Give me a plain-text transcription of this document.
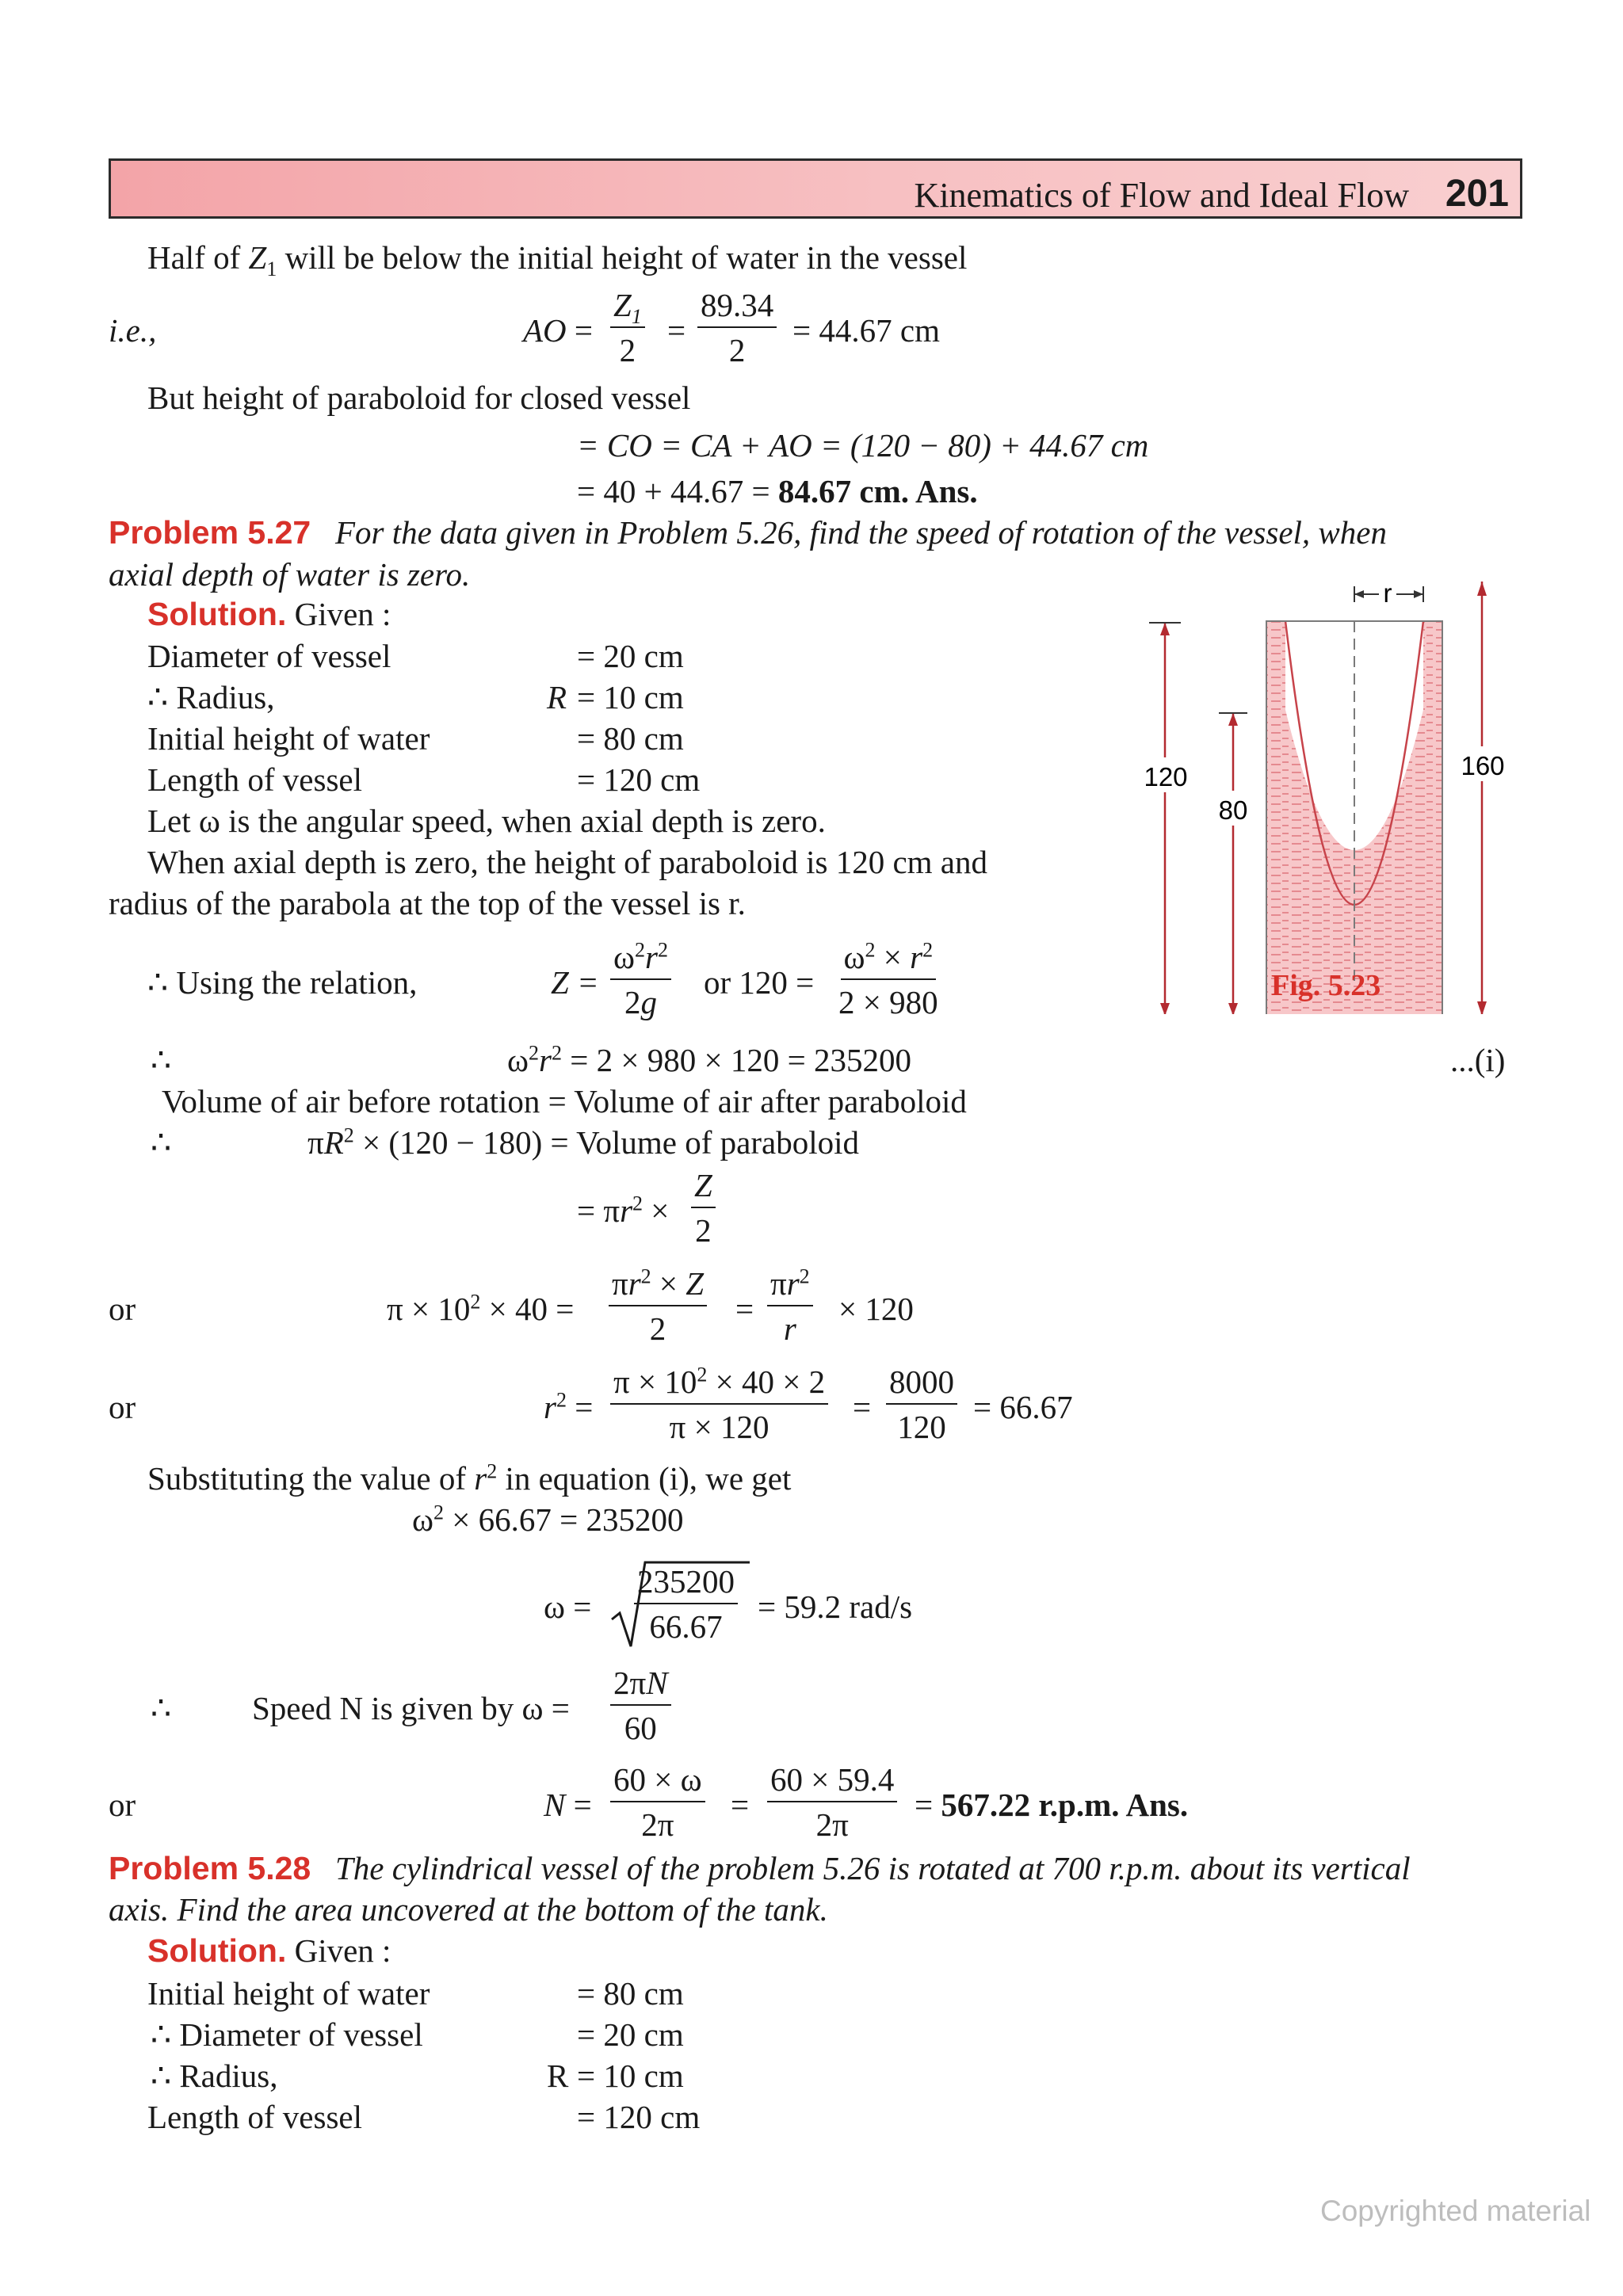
Kinematics of Flow and Ideal Flow 201
Half of $Z_1$ will be below the initial height of water in the vessel
i.e.,	AO = $\frac{Z_1}{2} = \frac{89.34}{2} = 44.67$ cm
But height of paraboloid for closed vessel
= CO = CA + AO = (120 − 80) + 44.67 cm
= 40 + 44.67 = 84.67 cm. Ans.
Problem 5.27 For the data given in Problem 5.26, find the speed of rotation of the vessel, when
axial depth of water is zero.
Solution. Given :
Diameter of vessel	= 20 cm
∴ Radius,	R = 10 cm
Initial height of water	= 80 cm
Length of vessel	= 120 cm
Let ω is the angular speed, when axial depth is zero.
When axial depth is zero, the height of paraboloid is 120 cm and
radius of the parabola at the top of the vessel is r.
∴ Using the relation,	$Z = \frac{\omega^2r^2}{2g}$ or $120 = \frac{\omega^2 \times r^2}{2 \times 980}$
∴	$\omega^2r^2 = 2 \times 980 \times 120 = 235200$	...(i)
Volume of air before rotation = Volume of air after paraboloid
∴	$\pi R^2 \times (120 - 180)$ = Volume of paraboloid
= $\pi r^2 \times \frac{Z}{2}$
or	$\pi \times 10^2 \times 40 = \frac{\pi r^2 \times Z}{2} = \frac{\pi r^2}{r} \times 120$
or	$r^2 = \frac{\pi \times 10^2 \times 40 \times 2}{\pi \times 120} = \frac{8000}{120} = 66.67$
Substituting the value of $r^2$ in equation (i), we get
$\omega^2 \times 66.67 = 235200$
$\omega = \frac{235200}{66.67} = 59.2$ rad/s
∴ Speed N is given by $\omega = \frac{2\pi N}{60}$
or	$N = \frac{60 \times \omega}{2\pi} = \frac{60 \times 59.4}{2\pi} = 567.22$ r.p.m. Ans.
Problem 5.28 The cylindrical vessel of the problem 5.26 is rotated at 700 r.p.m. about its vertical
axis. Find the area uncovered at the bottom of the tank.
Solution. Given :
Initial height of water	= 80 cm
∴ Diameter of vessel	= 20 cm
∴ Radius,	R = 10 cm
Length of vessel	= 120 cm
r
120
80
160
Fig. 5.23
Copyrighted material
